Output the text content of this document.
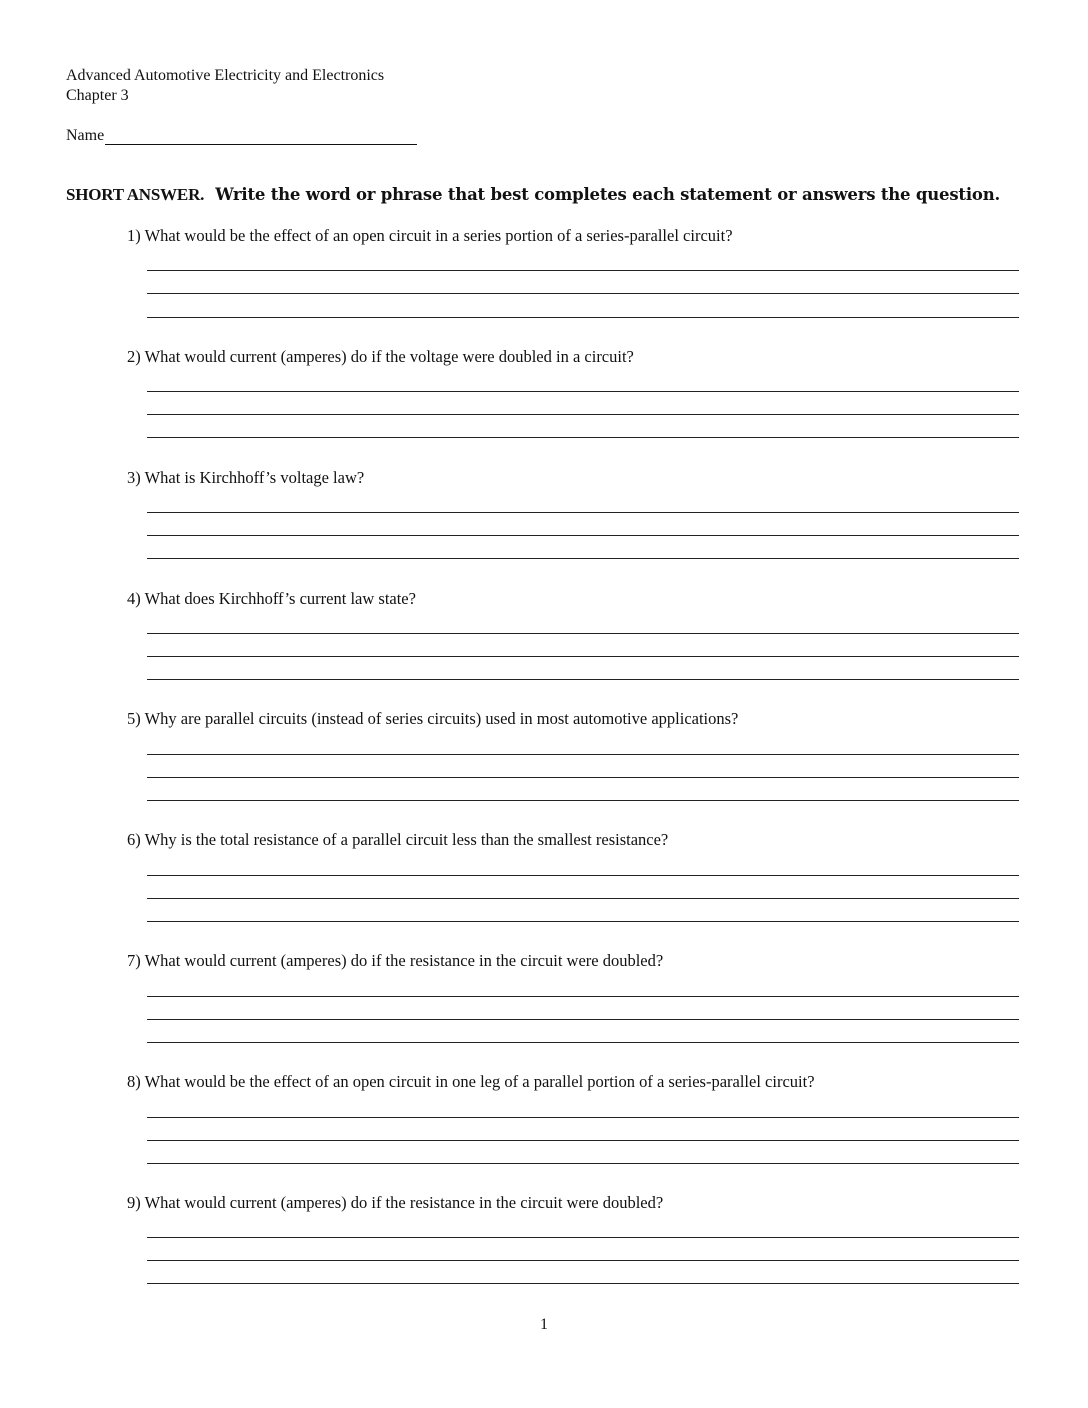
Advanced Automotive Electricity and Electronics
Chapter 3
Name
SHORT ANSWER. Write the word or phrase that best completes each statement or answers the question.
1) What would be the effect of an open circuit in a series portion of a series-parallel circuit?
2) What would current (amperes) do if the voltage were doubled in a circuit?
3) What is Kirchhoff’s voltage law?
4) What does Kirchhoff’s current law state?
5) Why are parallel circuits (instead of series circuits) used in most automotive applications?
6) Why is the total resistance of a parallel circuit less than the smallest resistance?
7) What would current (amperes) do if the resistance in the circuit were doubled?
8) What would be the effect of an open circuit in one leg of a parallel portion of a series-parallel circuit?
9) What would current (amperes) do if the resistance in the circuit were doubled?
1
